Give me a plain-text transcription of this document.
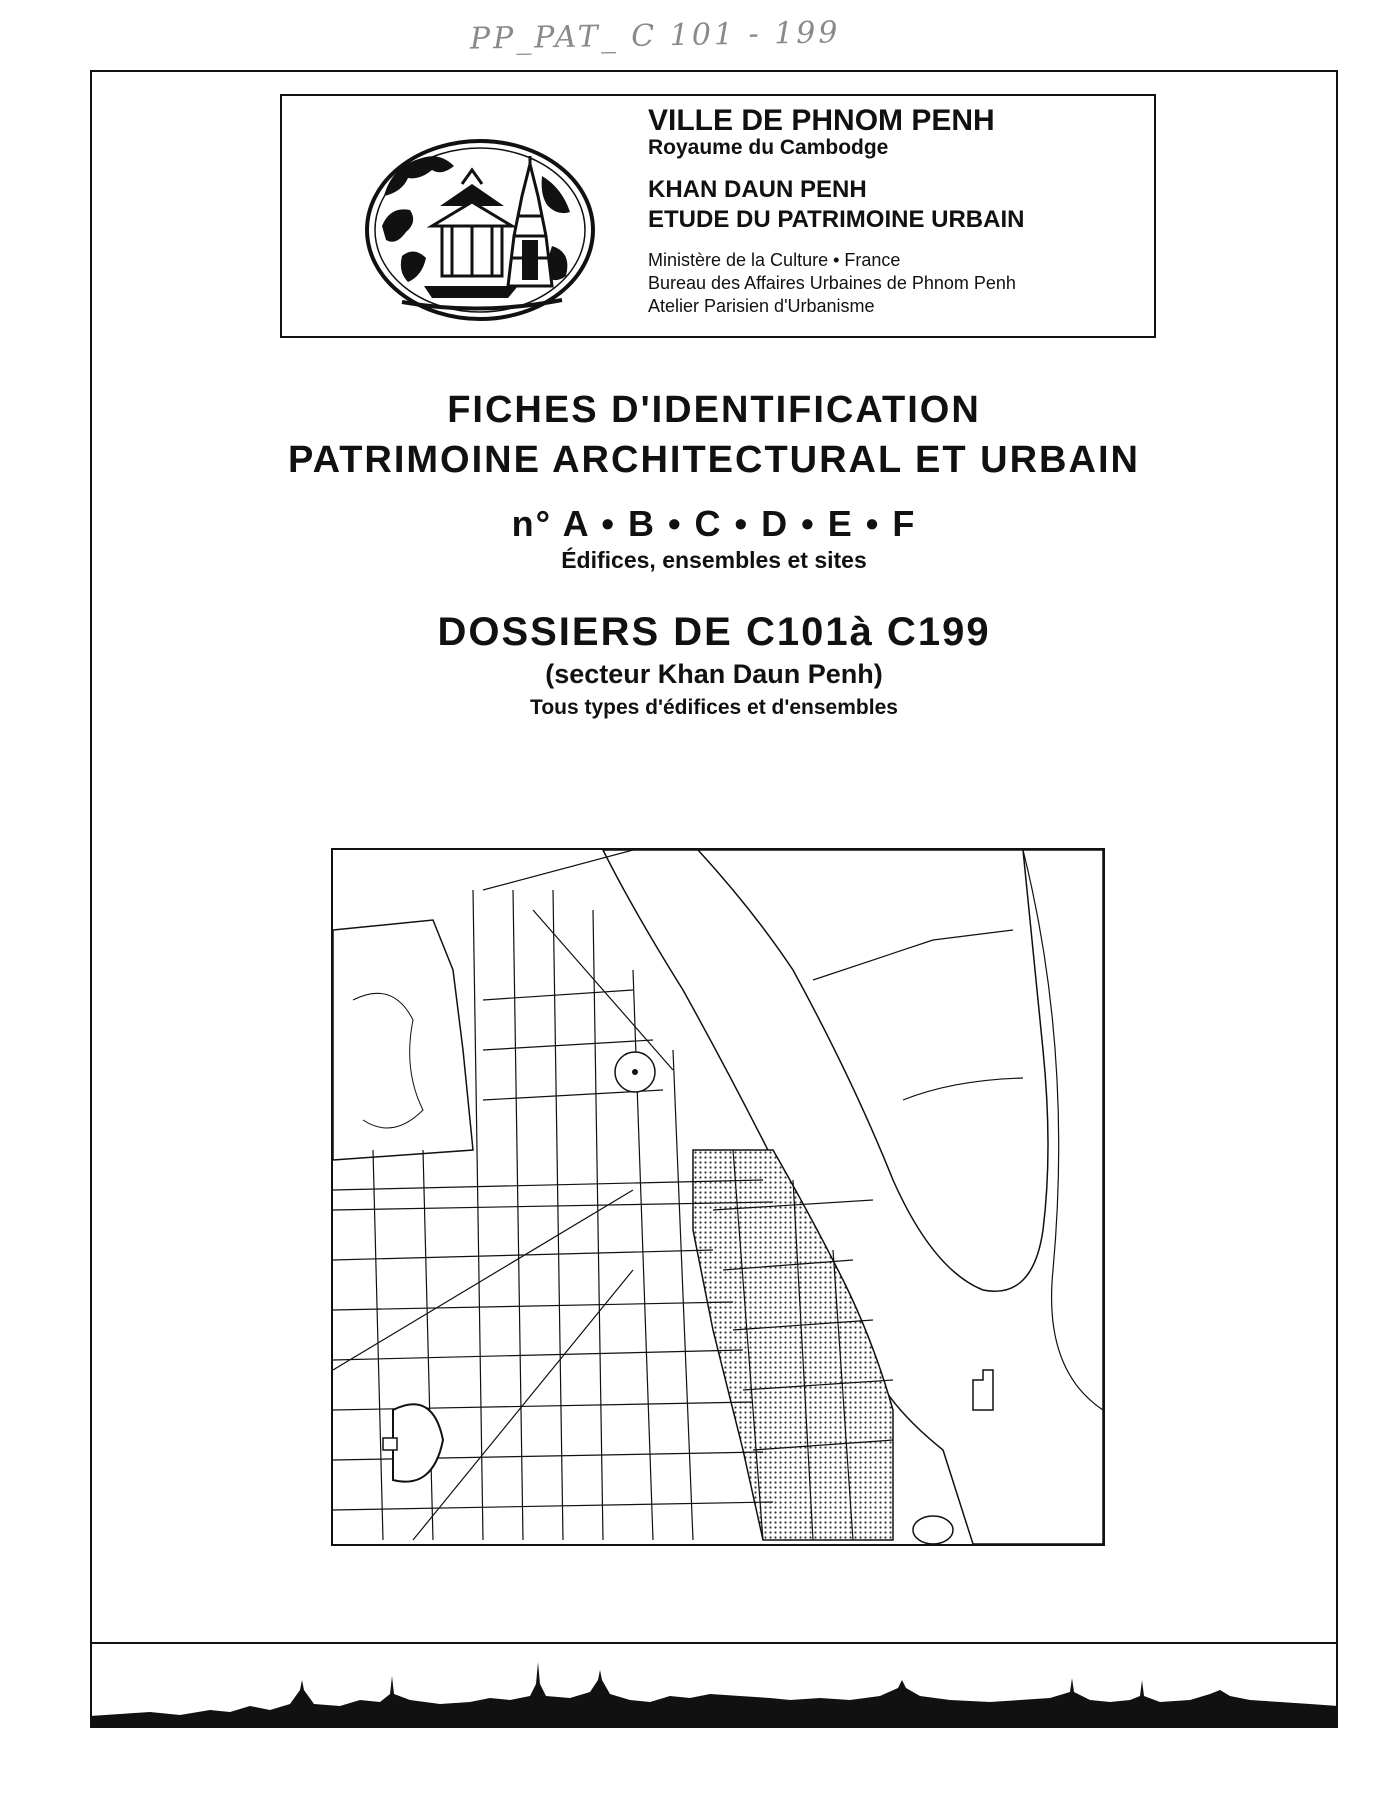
PP_PAT_ C 101 - 199
VILLE DE PHNOM PENH
Royaume du Cambodge
KHAN DAUN PENH
ETUDE DU PATRIMOINE URBAIN
Ministère de la Culture • France
Bureau des Affaires Urbaines de Phnom Penh
Atelier Parisien d'Urbanisme
FICHES D'IDENTIFICATION
PATRIMOINE ARCHITECTURAL ET URBAIN
n° A • B • C • D • E • F
Édifices, ensembles et sites
DOSSIERS DE C101à C199
(secteur Khan Daun Penh)
Tous types d'édifices et d'ensembles
